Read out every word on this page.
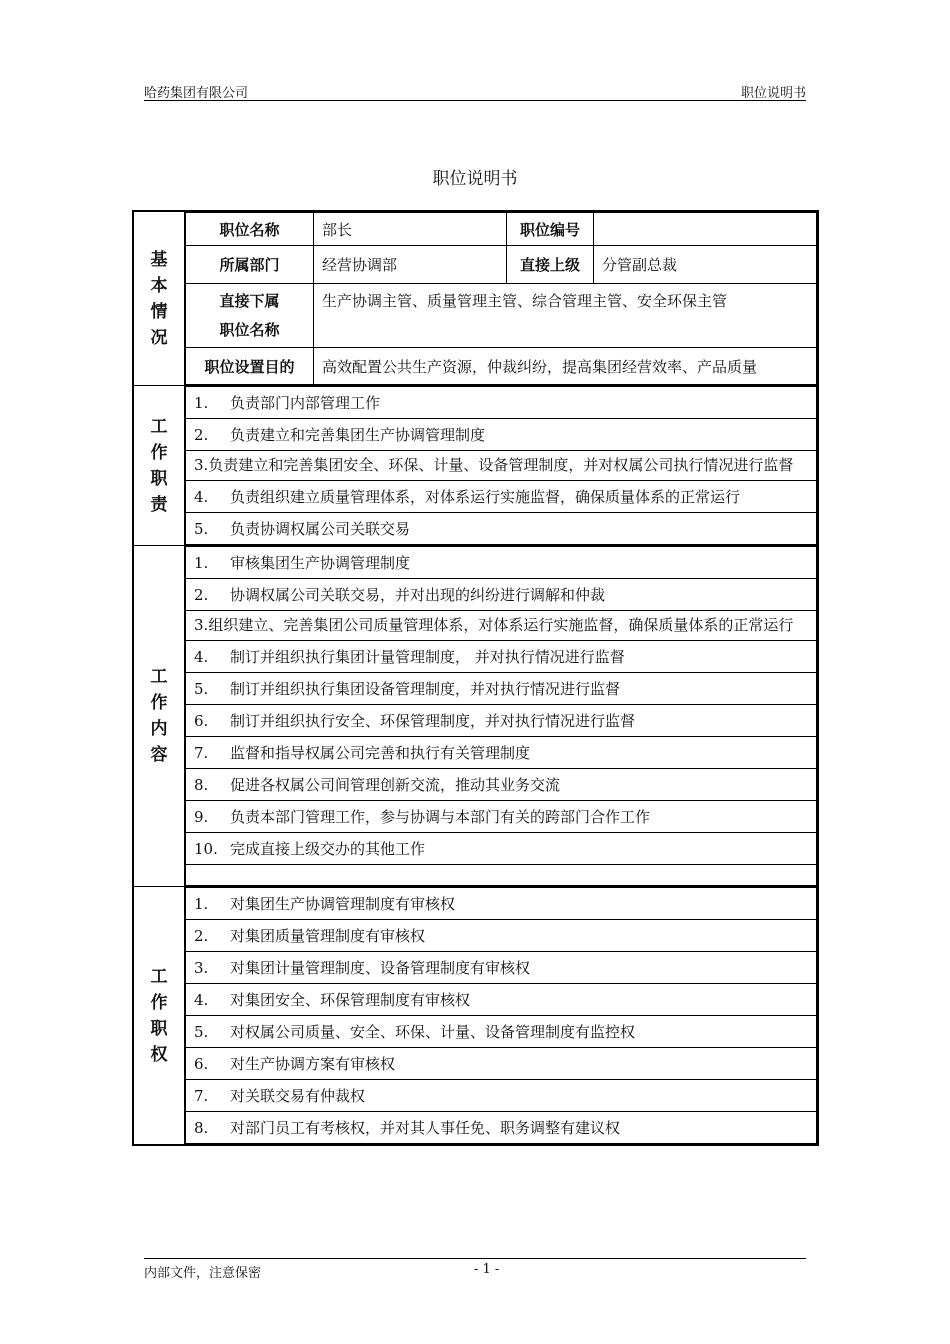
哈药集团有限公司	职位说明书
职位说明书
基本情况	
职位名称	部长	职位编号	
所属部门	经营协调部	直接上级	分管副总裁

直接下属
职位名称
	生产协调主管、质量管理主管、综合管理主管、安全环保主管
职位设置目的	高效配置公共生产资源，仲裁纠纷，提高集团经营效率、产品质量

工作职责	
1. 负责部门内部管理工作
2. 负责建立和完善集团生产协调管理制度
3.负责建立和完善集团安全、环保、计量、设备管理制度，并对权属公司执行情况进行监督
4. 负责组织建立质量管理体系，对体系运行实施监督，确保质量体系的正常运行
5. 负责协调权属公司关联交易

工作内容	
1. 审核集团生产协调管理制度
2. 协调权属公司关联交易，并对出现的纠纷进行调解和仲裁
3.组织建立、完善集团公司质量管理体系，对体系运行实施监督，确保质量体系的正常运行
4. 制订并组织执行集团计量管理制度， 并对执行情况进行监督
5. 制订并组织执行集团设备管理制度，并对执行情况进行监督
6. 制订并组织执行安全、环保管理制度，并对执行情况进行监督
7. 监督和指导权属公司完善和执行有关管理制度
8. 促进各权属公司间管理创新交流，推动其业务交流
9. 负责本部门管理工作，参与协调与本部门有关的跨部门合作工作
10. 完成直接上级交办的其他工作

工作职权	
1. 对集团生产协调管理制度有审核权
2. 对集团质量管理制度有审核权
3. 对集团计量管理制度、设备管理制度有审核权
4. 对集团安全、环保管理制度有审核权
5. 对权属公司质量、安全、环保、计量、设备管理制度有监控权
6. 对生产协调方案有审核权
7. 对关联交易有仲裁权
8. 对部门员工有考核权，并对其人事任免、职务调整有建议权
内部文件，注意保密	- 1 -
